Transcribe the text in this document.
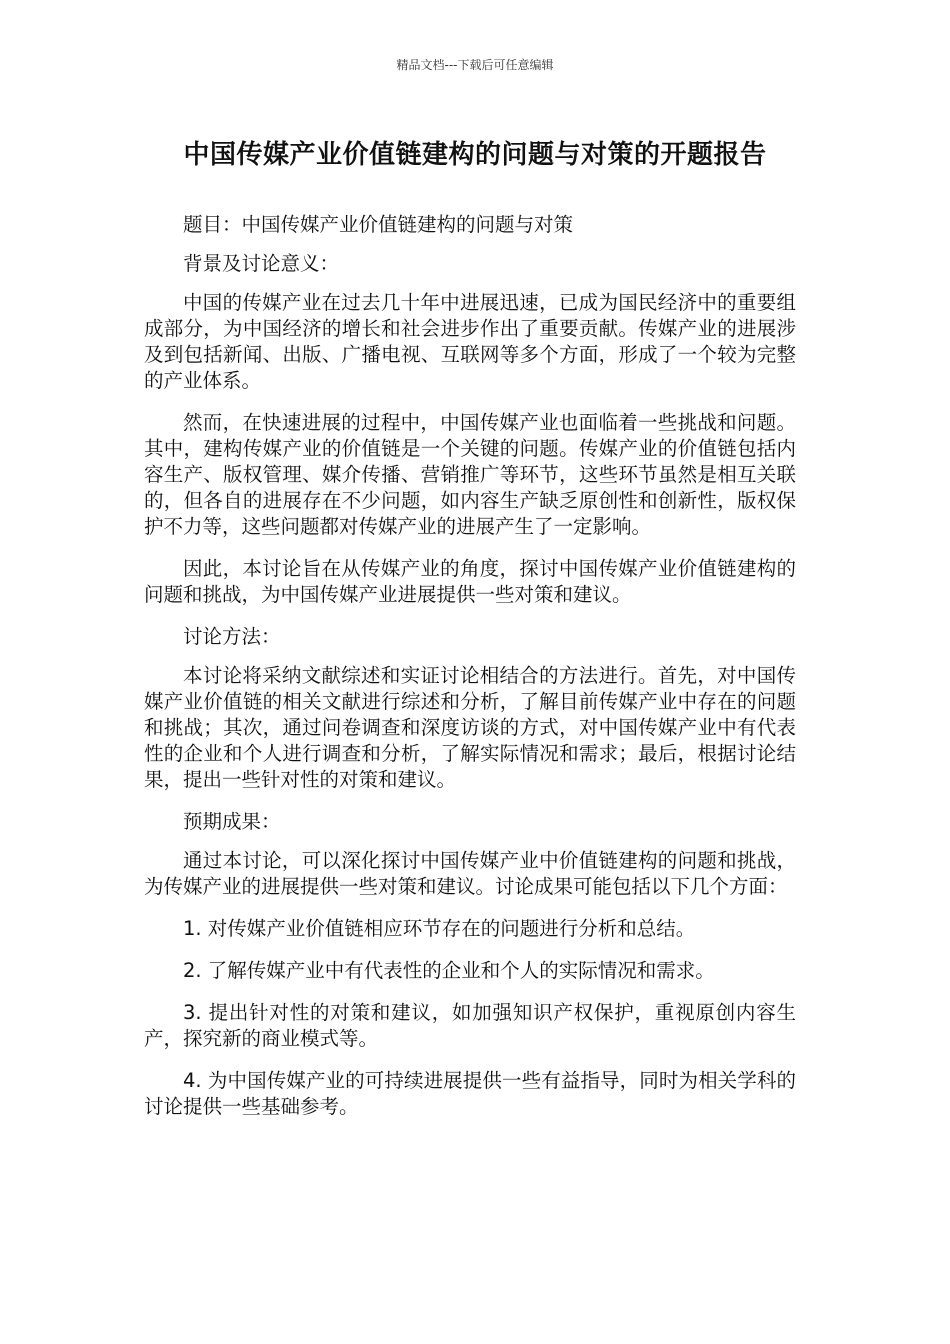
精品文档---下载后可任意编辑
中国传媒产业价值链建构的问题与对策的开题报告

题目：中国传媒产业价值链建构的问题与对策

背景及讨论意义：

中国的传媒产业在过去几十年中进展迅速，已成为国民经济中的重要组成部分，为中国经济的增长和社会进步作出了重要贡献。传媒产业的进展涉及到包括新闻、出版、广播电视、互联网等多个方面，形成了一个较为完整的产业体系。

然而，在快速进展的过程中，中国传媒产业也面临着一些挑战和问题。其中，建构传媒产业的价值链是一个关键的问题。传媒产业的价值链包括内容生产、版权管理、媒介传播、营销推广等环节，这些环节虽然是相互关联的，但各自的进展存在不少问题，如内容生产缺乏原创性和创新性，版权保护不力等，这些问题都对传媒产业的进展产生了一定影响。

因此，本讨论旨在从传媒产业的角度，探讨中国传媒产业价值链建构的问题和挑战，为中国传媒产业进展提供一些对策和建议。

讨论方法：

本讨论将采纳文献综述和实证讨论相结合的方法进行。首先，对中国传媒产业价值链的相关文献进行综述和分析，了解目前传媒产业中存在的问题和挑战；其次，通过问卷调查和深度访谈的方式，对中国传媒产业中有代表性的企业和个人进行调查和分析，了解实际情况和需求；最后，根据讨论结果，提出一些针对性的对策和建议。

预期成果：

通过本讨论，可以深化探讨中国传媒产业中价值链建构的问题和挑战，为传媒产业的进展提供一些对策和建议。讨论成果可能包括以下几个方面：

1. 对传媒产业价值链相应环节存在的问题进行分析和总结。

2. 了解传媒产业中有代表性的企业和个人的实际情况和需求。

3. 提出针对性的对策和建议，如加强知识产权保护，重视原创内容生产，探究新的商业模式等。

4. 为中国传媒产业的可持续进展提供一些有益指导，同时为相关学科的讨论提供一些基础参考。
